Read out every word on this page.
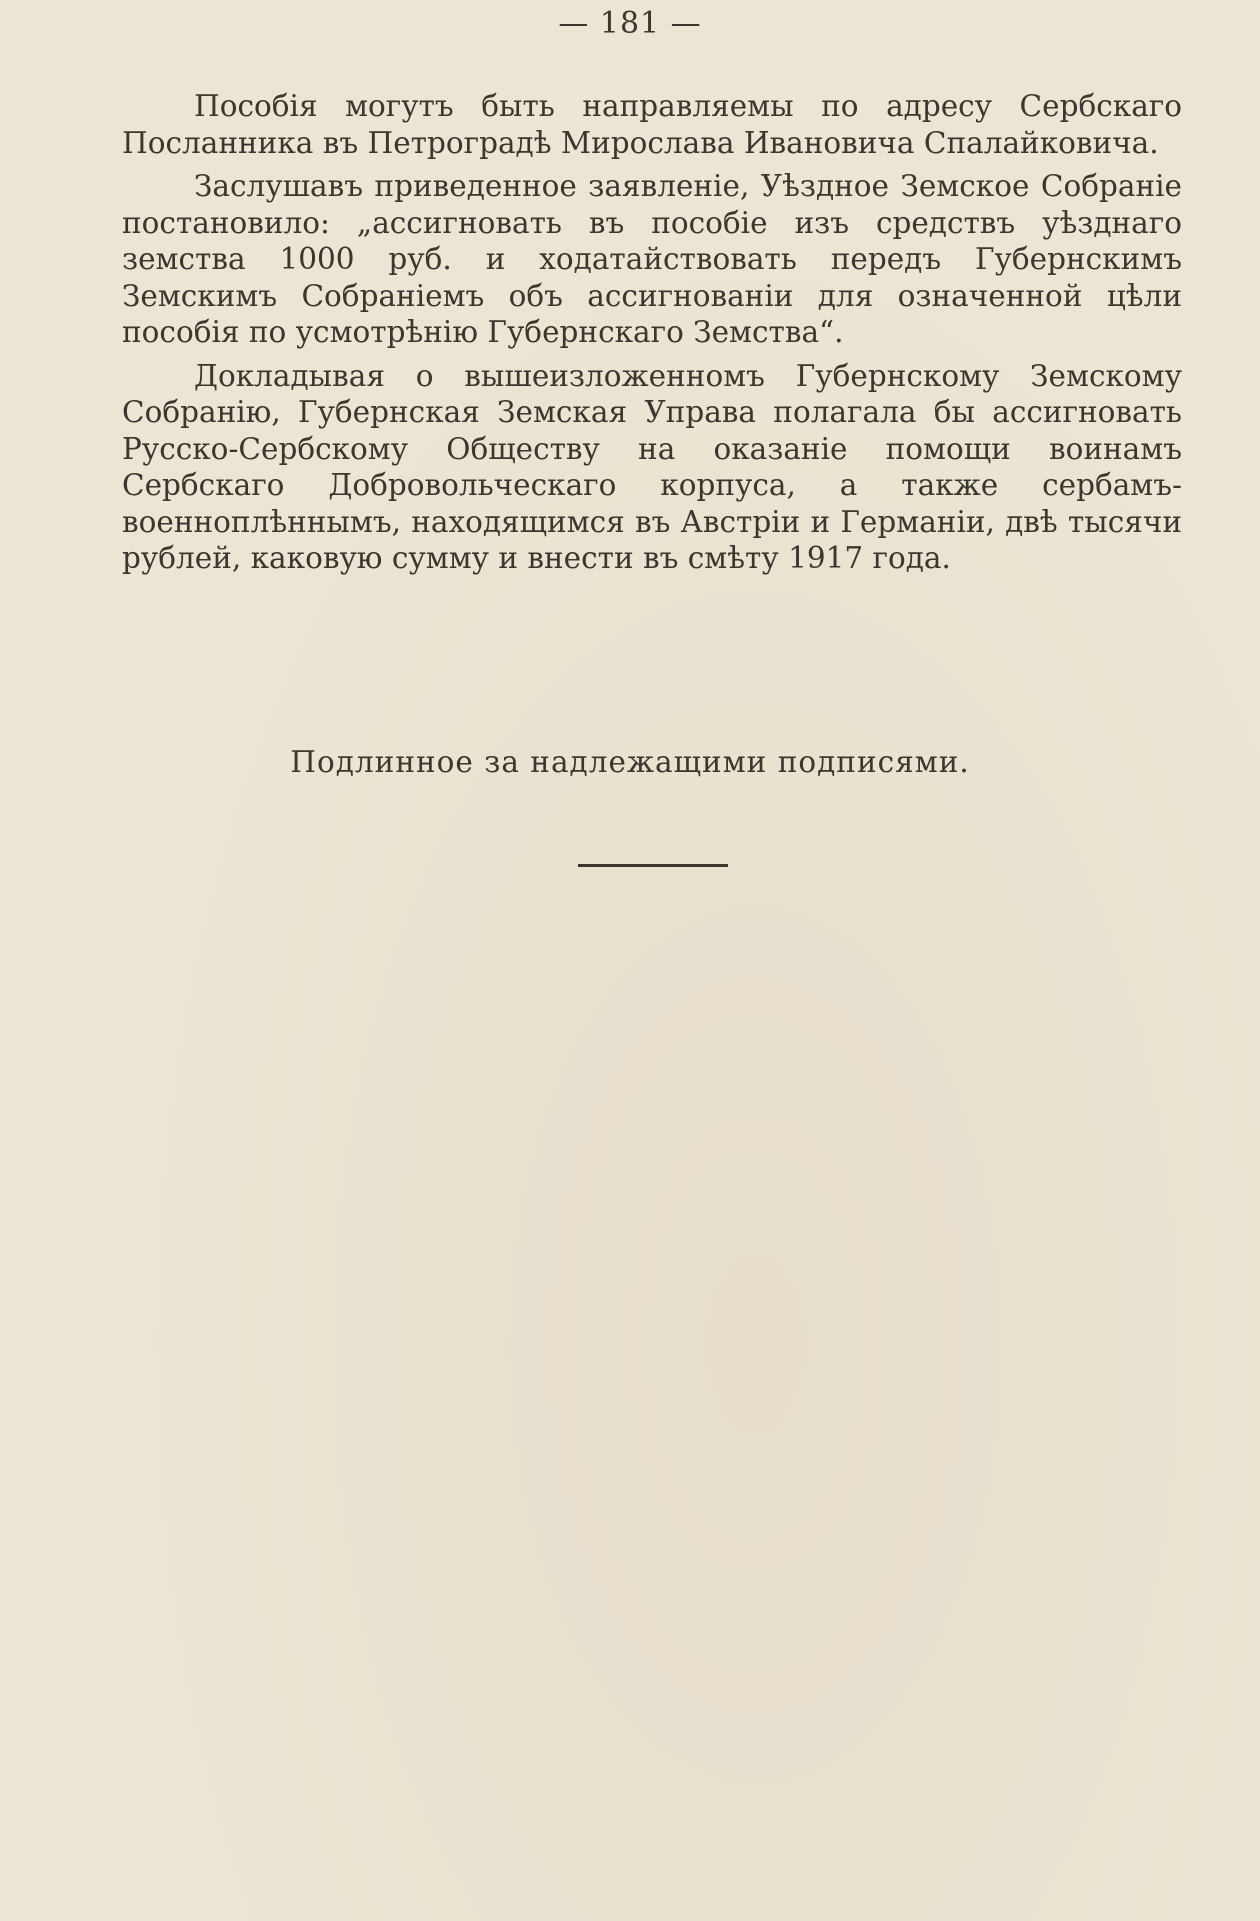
— 181 —

Пособія могутъ быть направляемы по адресу Сербскаго Посланника въ Петроградѣ Мирослава Ивановича Спалайковича.

Заслушавъ приведенное заявленіе, Уѣздное Земское Собраніе постановило: „ассигновать въ пособіе изъ средствъ уѣзднаго земства 1000 руб. и ходатайствовать передъ Губернскимъ Земскимъ Собраніемъ объ ассигнованіи для означенной цѣли пособія по усмотрѣнію Губернскаго Земства“.

Докладывая о вышеизложенномъ Губернскому Земскому Собранію, Губернская Земская Управа полагала бы ассигновать Русско-Сербскому Обществу на оказаніе помощи воинамъ Сербскаго Добровольческаго корпуса, а также сербамъ-военноплѣннымъ, находящимся въ Австріи и Германіи, двѣ тысячи рублей, каковую сумму и внести въ смѣту 1917 года.

Подлинное за надлежащими подписями.
